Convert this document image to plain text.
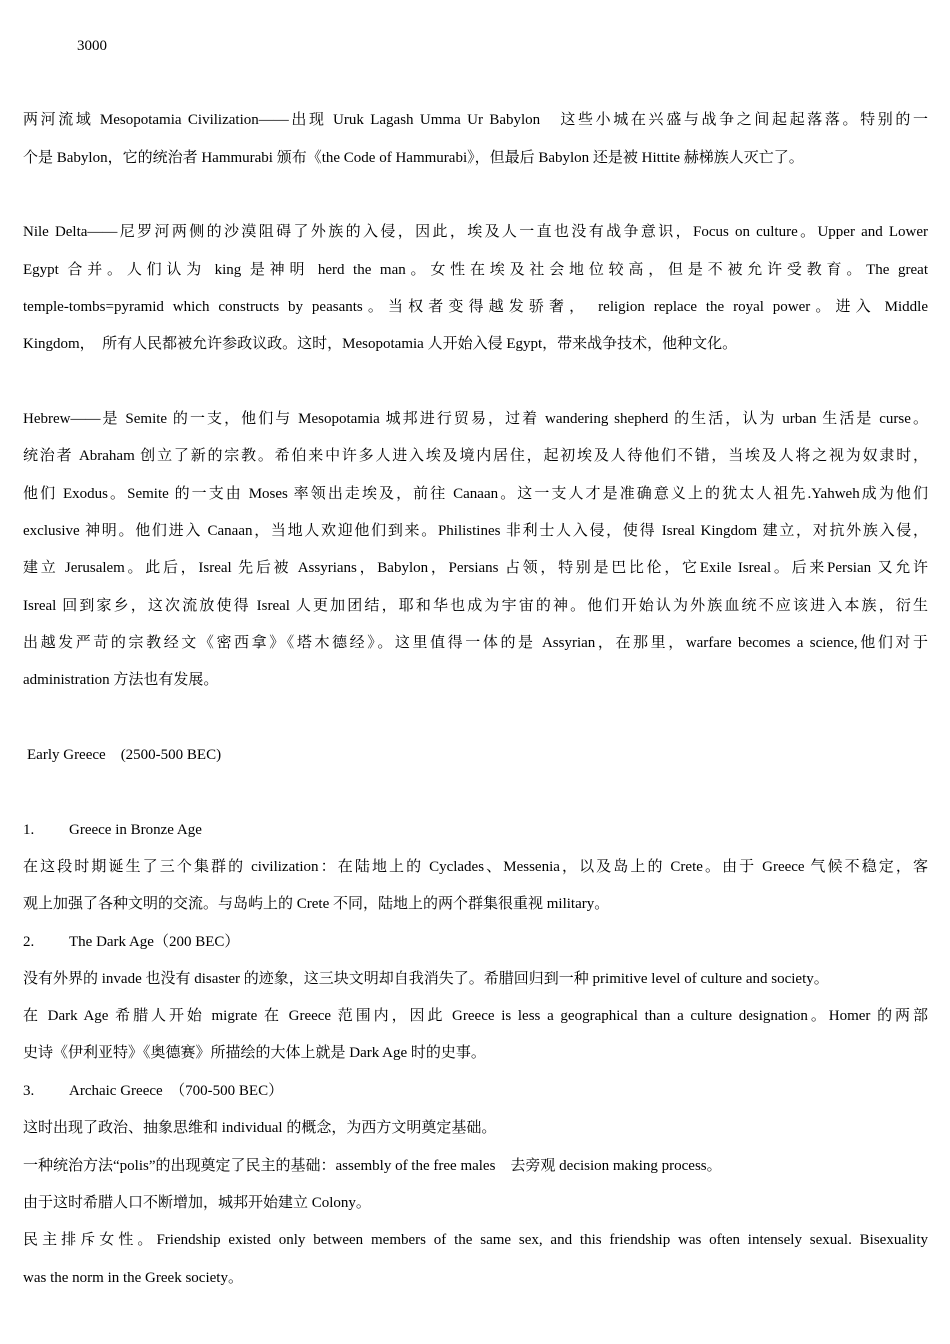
3000
两河流域 Mesopotamia Civilization——出现 Uruk Lagash Umma Ur Babylon　这些小城在兴盛与战争之间起起落落。特别的一
个是 Babylon，它的统治者 Hammurabi 颁布《the Code of Hammurabi》，但最后 Babylon 还是被 Hittite 赫梯族人灭亡了。
Nile Delta——尼罗河两侧的沙漠阻碍了外族的入侵，因此，埃及人一直也没有战争意识，Focus on culture。Upper and Lower
Egypt 合并。人们认为 king 是神明 herd the man。女性在埃及社会地位较高，但是不被允许受教育。The great
temple-tombs=pyramid which constructs by peasants。当权者变得越发骄奢， religion replace the royal power。进入 Middle
Kingdom，　所有人民都被允许参政议政。这时，Mesopotamia 人开始入侵 Egypt，带来战争技术，他种文化。
Hebrew——是 Semite 的一支，他们与 Mesopotamia 城邦进行贸易，过着 wandering shepherd 的生活，认为 urban 生活是 curse。
统治者 Abraham 创立了新的宗教。希伯来中许多人进入埃及境内居住，起初埃及人待他们不错，当埃及人将之视为奴隶时，
他们 Exodus。Semite 的一支由 Moses 率领出走埃及，前往 Canaan。这一支人才是准确意义上的犹太人祖先.Yahweh成为他们
exclusive 神明。他们进入 Canaan，当地人欢迎他们到来。Philistines 非利士人入侵，使得 Isreal Kingdom 建立，对抗外族入侵，
建立 Jerusalem。此后，Isreal 先后被 Assyrians，Babylon，Persians 占领，特别是巴比伦，它Exile Isreal。后来Persian 又允许
Isreal 回到家乡，这次流放使得 Isreal 人更加团结，耶和华也成为宇宙的神。他们开始认为外族血统不应该进入本族，衍生
出越发严苛的宗教经文《密西拿》《塔木德经》。这里值得一体的是 Assyrian，在那里，warfare becomes a science,他们对于
administration 方法也有发展。
Early Greece　(2500-500 BEC)
1. Greece in Bronze Age
在这段时期诞生了三个集群的 civilization：在陆地上的 Cyclades、Messenia，以及岛上的 Crete。由于 Greece 气候不稳定，客
观上加强了各种文明的交流。与岛屿上的 Crete 不同，陆地上的两个群集很重视 military。
2. The Dark Age（200 BEC）
没有外界的 invade 也没有 disaster 的迹象，这三块文明却自我消失了。希腊回归到一种 primitive level of culture and society。
在 Dark Age 希腊人开始 migrate 在 Greece 范围内，因此 Greece is less a geographical than a culture designation。Homer 的两部
史诗《伊利亚特》《奥德赛》所描绘的大体上就是 Dark Age 时的史事。
3. Archaic Greece　（700-500 BEC）
这时出现了政治、抽象思维和 individual 的概念，为西方文明奠定基础。
一种统治方法“polis”的出现奠定了民主的基础：assembly of the free males　去旁观 decision making process。
由于这时希腊人口不断增加，城邦开始建立 Colony。
民主排斥女性。Friendship existed only between members of the same sex, and this friendship was often intensely sexual. Bisexuality
was the norm in the Greek society。
